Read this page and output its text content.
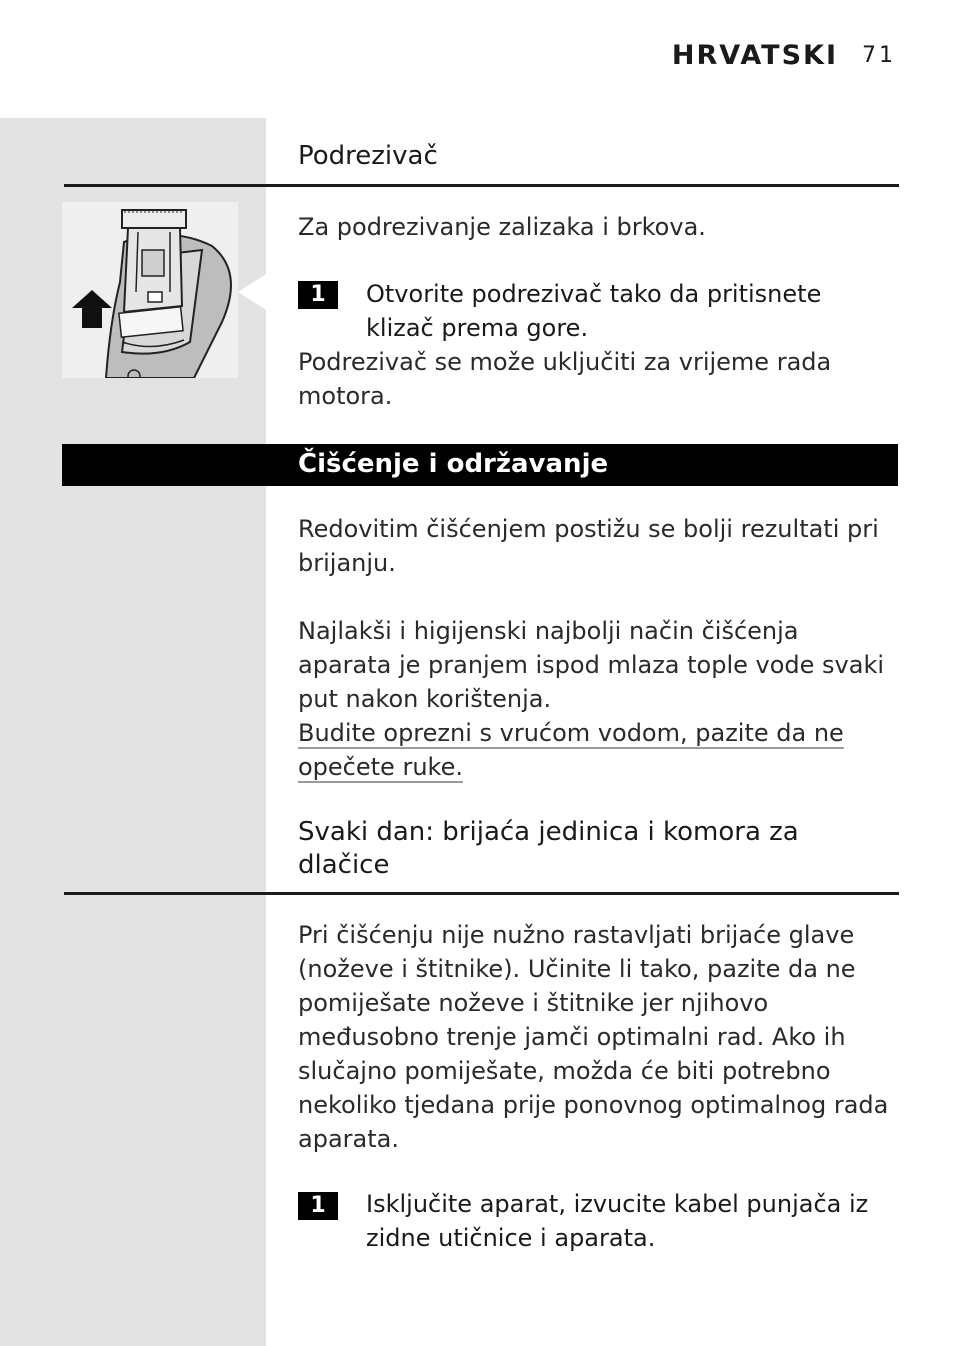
HRVATSKI 71
Podrezivač
Za podrezivanje zalizaka i brkova.
1	Otvorite podrezivač tako da pritisnete klizač prema gore.
Podrezivač se može uključiti za vrijeme rada motora.
Čišćenje i održavanje
Redovitim čišćenjem postižu se bolji rezultati pri brijanju.
Najlakši i higijenski najbolji način čišćenja aparata je pranjem ispod mlaza tople vode svaki put nakon korištenja.
Budite oprezni s vrućom vodom, pazite da ne opečete ruke.
Svaki dan: brijaća jedinica i komora za dlačice
Pri čišćenju nije nužno rastavljati brijaće glave (noževe i štitnike). Učinite li tako, pazite da ne pomiješate noževe i štitnike jer njihovo međusobno trenje jamči optimalni rad. Ako ih slučajno pomiješate, možda će biti potrebno nekoliko tjedana prije ponovnog optimalnog rada aparata.
1	Isključite aparat, izvucite kabel punjača iz zidne utičnice i aparata.
